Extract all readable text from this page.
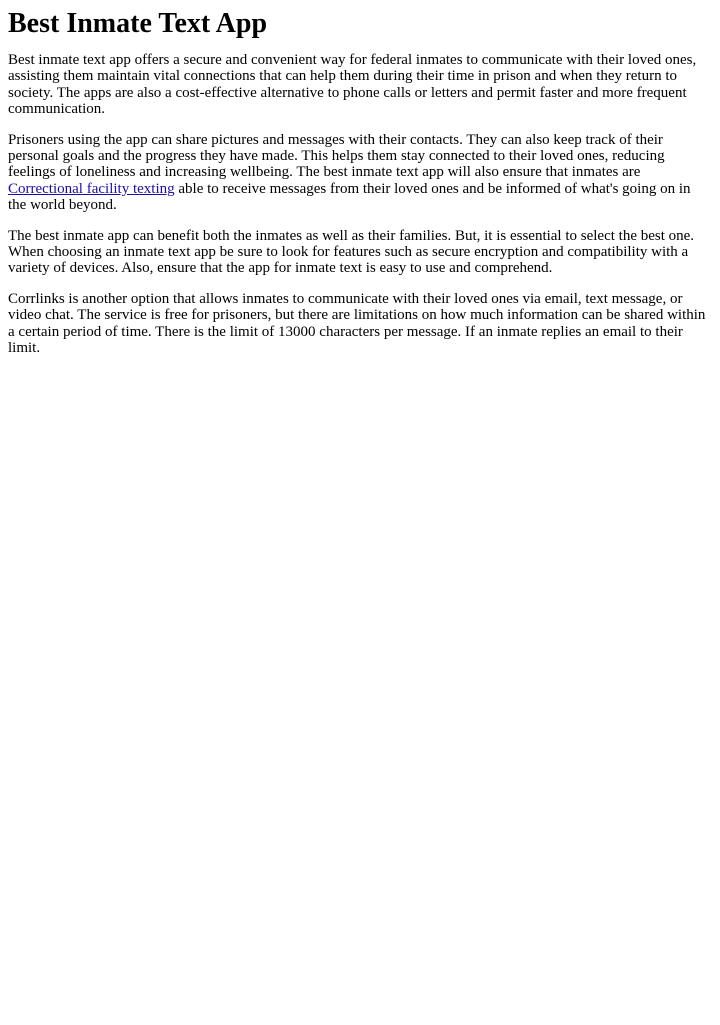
Best Inmate Text App

Best inmate text app offers a secure and convenient way for federal inmates to communicate with their loved ones, assisting them maintain vital connections that can help them during their time in prison and when they return to society. The apps are also a cost-effective alternative to phone calls or letters and permit faster and more frequent communication.

Prisoners using the app can share pictures and messages with their contacts. They can also keep track of their personal goals and the progress they have made. This helps them stay connected to their loved ones, reducing feelings of loneliness and increasing wellbeing. The best inmate text app will also ensure that inmates are Correctional facility texting able to receive messages from their loved ones and be informed of what's going on in the world beyond.

The best inmate app can benefit both the inmates as well as their families. But, it is essential to select the best one. When choosing an inmate text app be sure to look for features such as secure encryption and compatibility with a variety of devices. Also, ensure that the app for inmate text is easy to use and comprehend.

Corrlinks is another option that allows inmates to communicate with their loved ones via email, text message, or video chat. The service is free for prisoners, but there are limitations on how much information can be shared within a certain period of time. There is the limit of 13000 characters per message. If an inmate replies an email to their limit.
